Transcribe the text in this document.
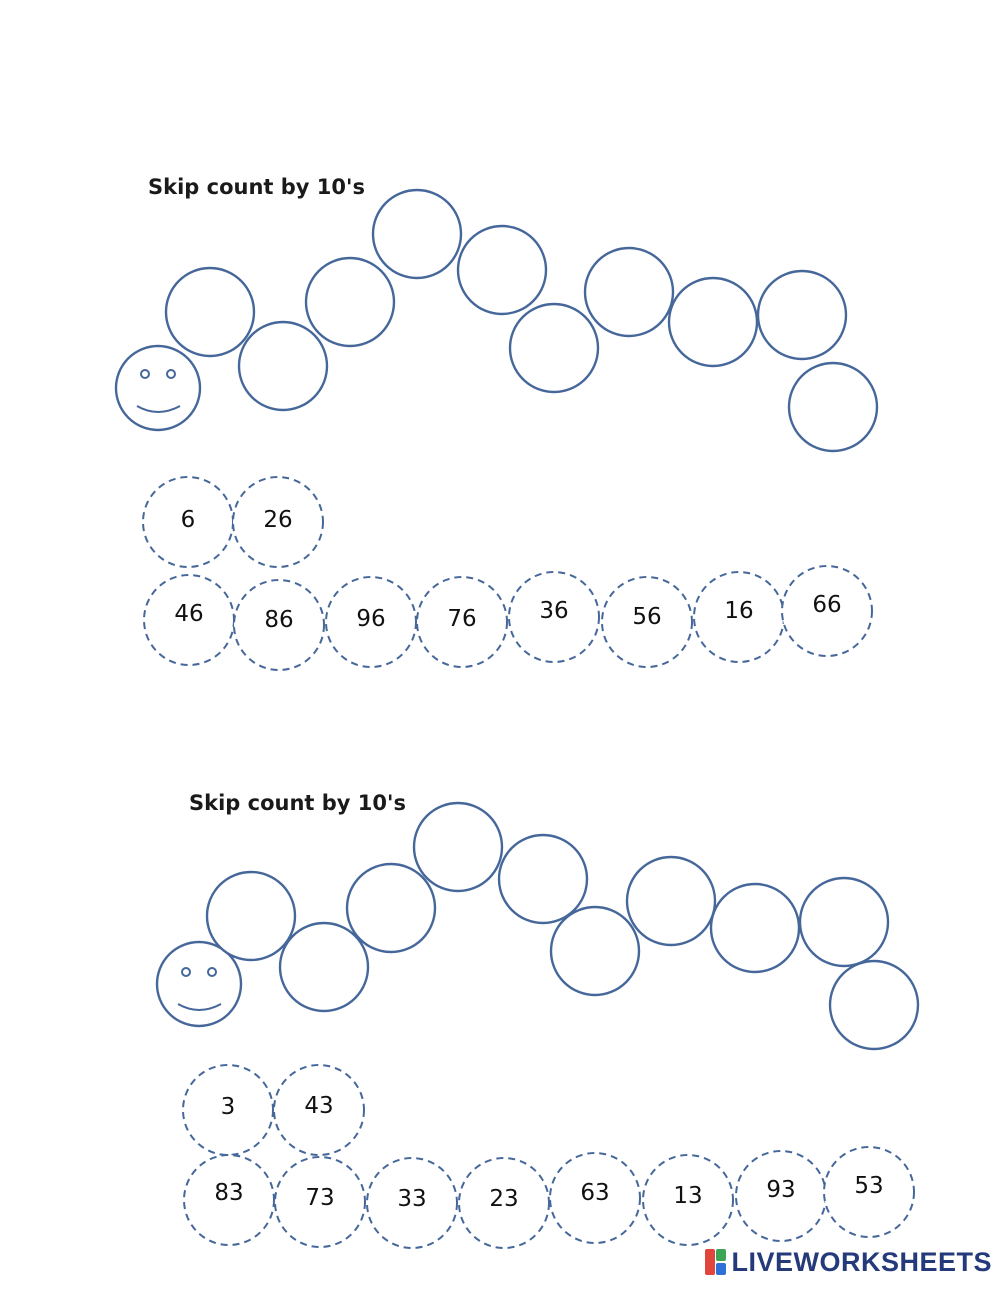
Skip count by 10's
6	26
46	86	96	76	36	56	16	66
Skip count by 10's
3	43
83	73	33	23	63	13	93	53
LIVEWORKSHEETS
